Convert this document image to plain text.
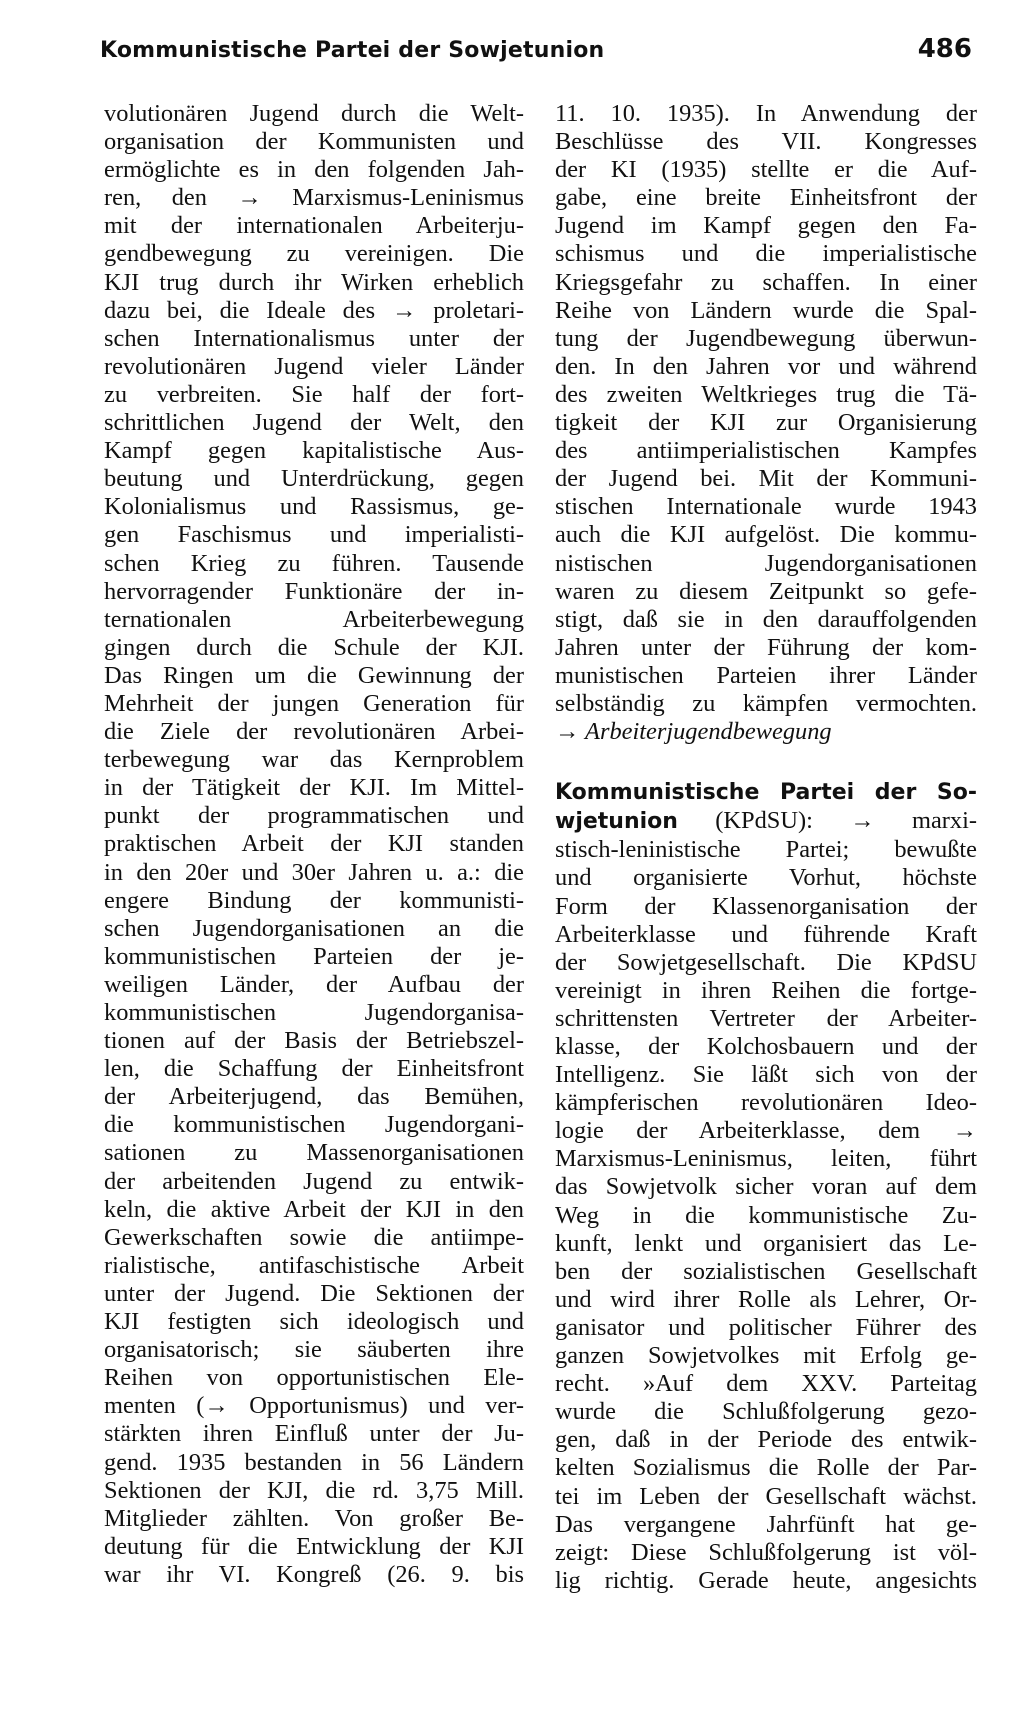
Kommunistische Partei der Sowjetunion	486
volutionären Jugend durch die Welt-
organisation der Kommunisten und
ermöglichte es in den folgenden Jah-
ren, den → Marxismus-Leninismus
mit der internationalen Arbeiterju-
gendbewegung zu vereinigen. Die
KJI trug durch ihr Wirken erheblich
dazu bei, die Ideale des → proletari-
schen Internationalismus unter der
revolutionären Jugend vieler Länder
zu verbreiten. Sie half der fort-
schrittlichen Jugend der Welt, den
Kampf gegen kapitalistische Aus-
beutung und Unterdrückung, gegen
Kolonialismus und Rassismus, ge-
gen Faschismus und imperialisti-
schen Krieg zu führen. Tausende
hervorragender Funktionäre der in-
ternationalen Arbeiterbewegung
gingen durch die Schule der KJI.
Das Ringen um die Gewinnung der
Mehrheit der jungen Generation für
die Ziele der revolutionären Arbei-
terbewegung war das Kernproblem
in der Tätigkeit der KJI. Im Mittel-
punkt der programmatischen und
praktischen Arbeit der KJI standen
in den 20er und 30er Jahren u. a.: die
engere Bindung der kommunisti-
schen Jugendorganisationen an die
kommunistischen Parteien der je-
weiligen Länder, der Aufbau der
kommunistischen Jugendorganisa-
tionen auf der Basis der Betriebszel-
len, die Schaffung der Einheitsfront
der Arbeiterjugend, das Bemühen,
die kommunistischen Jugendorgani-
sationen zu Massenorganisationen
der arbeitenden Jugend zu entwik-
keln, die aktive Arbeit der KJI in den
Gewerkschaften sowie die antiimpe-
rialistische, antifaschistische Arbeit
unter der Jugend. Die Sektionen der
KJI festigten sich ideologisch und
organisatorisch; sie säuberten ihre
Reihen von opportunistischen Ele-
menten (→ Opportunismus) und ver-
stärkten ihren Einfluß unter der Ju-
gend. 1935 bestanden in 56 Ländern
Sektionen der KJI, die rd. 3,75 Mill.
Mitglieder zählten. Von großer Be-
deutung für die Entwicklung der KJI
war ihr VI. Kongreß (26. 9. bis
11. 10. 1935). In Anwendung der
Beschlüsse des VII. Kongresses
der KI (1935) stellte er die Auf-
gabe, eine breite Einheitsfront der
Jugend im Kampf gegen den Fa-
schismus und die imperialistische
Kriegsgefahr zu schaffen. In einer
Reihe von Ländern wurde die Spal-
tung der Jugendbewegung überwun-
den. In den Jahren vor und während
des zweiten Weltkrieges trug die Tä-
tigkeit der KJI zur Organisierung
des antiimperialistischen Kampfes
der Jugend bei. Mit der Kommuni-
stischen Internationale wurde 1943
auch die KJI aufgelöst. Die kommu-
nistischen Jugendorganisationen
waren zu diesem Zeitpunkt so gefe-
stigt, daß sie in den darauffolgenden
Jahren unter der Führung der kom-
munistischen Parteien ihrer Länder
selbständig zu kämpfen vermochten.
→ Arbeiterjugendbewegung
Kommunistische Partei der So-
wjetunion (KPdSU): → marxi-
stisch-leninistische Partei; bewußte
und organisierte Vorhut, höchste
Form der Klassenorganisation der
Arbeiterklasse und führende Kraft
der Sowjetgesellschaft. Die KPdSU
vereinigt in ihren Reihen die fortge-
schrittensten Vertreter der Arbeiter-
klasse, der Kolchosbauern und der
Intelligenz. Sie läßt sich von der
kämpferischen revolutionären Ideo-
logie der Arbeiterklasse, dem →
Marxismus-Leninismus, leiten, führt
das Sowjetvolk sicher voran auf dem
Weg in die kommunistische Zu-
kunft, lenkt und organisiert das Le-
ben der sozialistischen Gesellschaft
und wird ihrer Rolle als Lehrer, Or-
ganisator und politischer Führer des
ganzen Sowjetvolkes mit Erfolg ge-
recht. »Auf dem XXV. Parteitag
wurde die Schlußfolgerung gezo-
gen, daß in der Periode des entwik-
kelten Sozialismus die Rolle der Par-
tei im Leben der Gesellschaft wächst.
Das vergangene Jahrfünft hat ge-
zeigt: Diese Schlußfolgerung ist völ-
lig richtig. Gerade heute, angesichts
